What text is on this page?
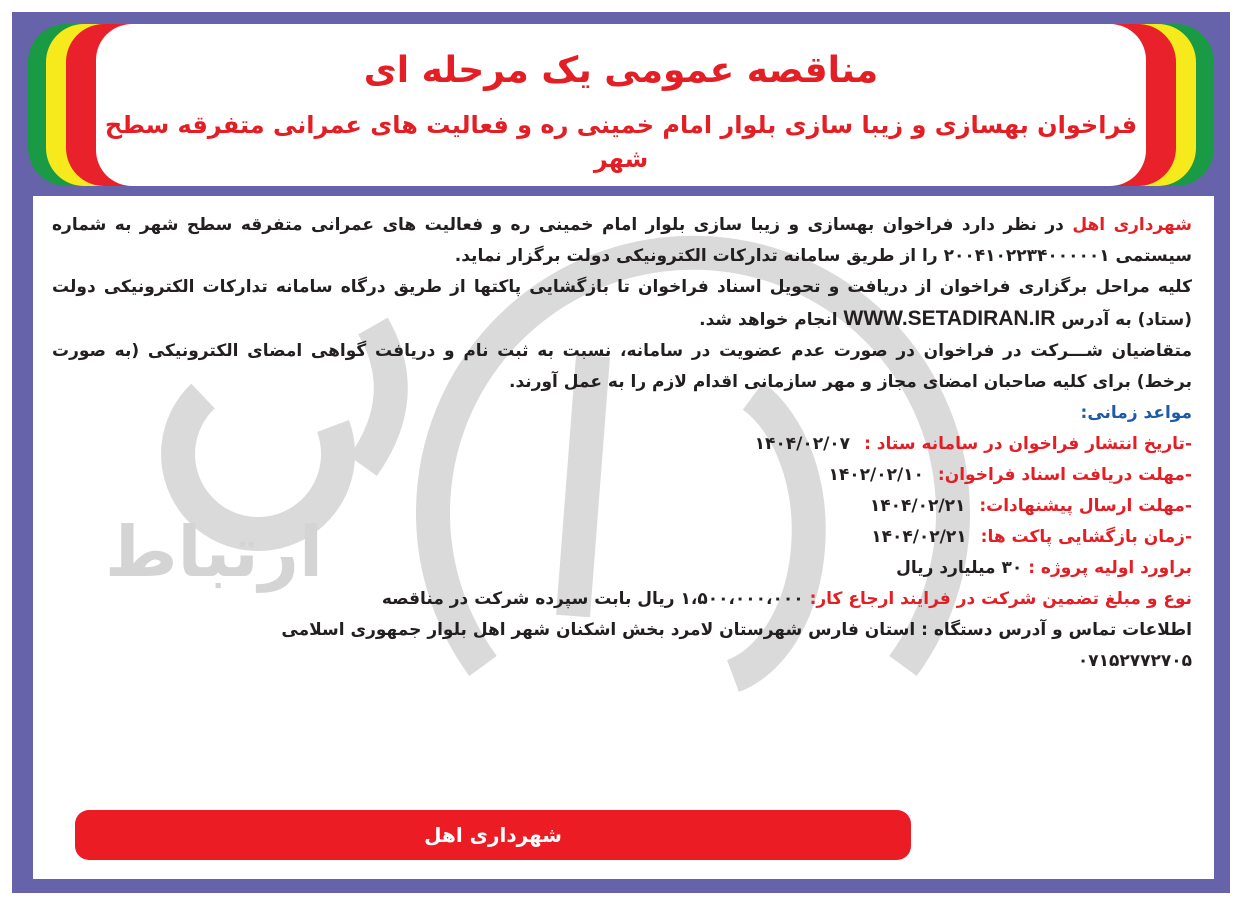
مناقصه عمومی یک مرحله ای
فراخوان بهسازی و زیبا سازی بلوار امام خمینی ره و فعالیت های عمرانی متفرقه سطح شهر
ارتباط

شهرداری اهل در نظر دارد فراخوان بهسازی و زیبا سازی بلوار امام خمینی ره و فعالیت های عمرانی متفرقه سطح شهر به شماره سیستمی ۲۰۰۴۱۰۲۲۳۴۰۰۰۰۰۱ را از طریق سامانه تدارکات الکترونیکی دولت برگزار نماید.

کلیه مراحل برگزاری فراخوان از دریافت و تحویل اسناد فراخوان تا بازگشایی پاکتها از طریق درگاه سامانه تدارکات الکترونیکی دولت (ستاد) به آدرس WWW.SETADIRAN.IR انجام خواهد شد.

متقاضیان شـــرکت در فراخوان در صورت عدم عضویت در سامانه، نسبت به ثبت نام و دریافت گواهی امضای الکترونیکی (به صورت برخط) برای کلیه صاحبان امضای مجاز و مهر سازمانی اقدام لازم را به عمل آورند.

مواعد زمانی:

-تاریخ انتشار فراخوان در سامانه ستاد :۱۴۰۴/۰۲/۰۷
-مهلت دریافت اسناد فراخوان:۱۴۰۲/۰۲/۱۰
-مهلت ارسال پیشنهادات:۱۴۰۴/۰۲/۲۱
-زمان بازگشایی پاکت ها:۱۴۰۴/۰۲/۲۱
براورد اولیه پروژه : ۳۰ میلیارد ریال
نوع و مبلغ تضمین شرکت در فرایند ارجاع کار: ۱،۵۰۰،۰۰۰،۰۰۰ ریال بابت سپرده شرکت در مناقصه
اطلاعات تماس و آدرس دستگاه : استان فارس شهرستان لامرد بخش اشکنان شهر اهل بلوار جمهوری اسلامی
۰۷۱۵۲۷۷۲۷۰۵
شهرداری اهل
